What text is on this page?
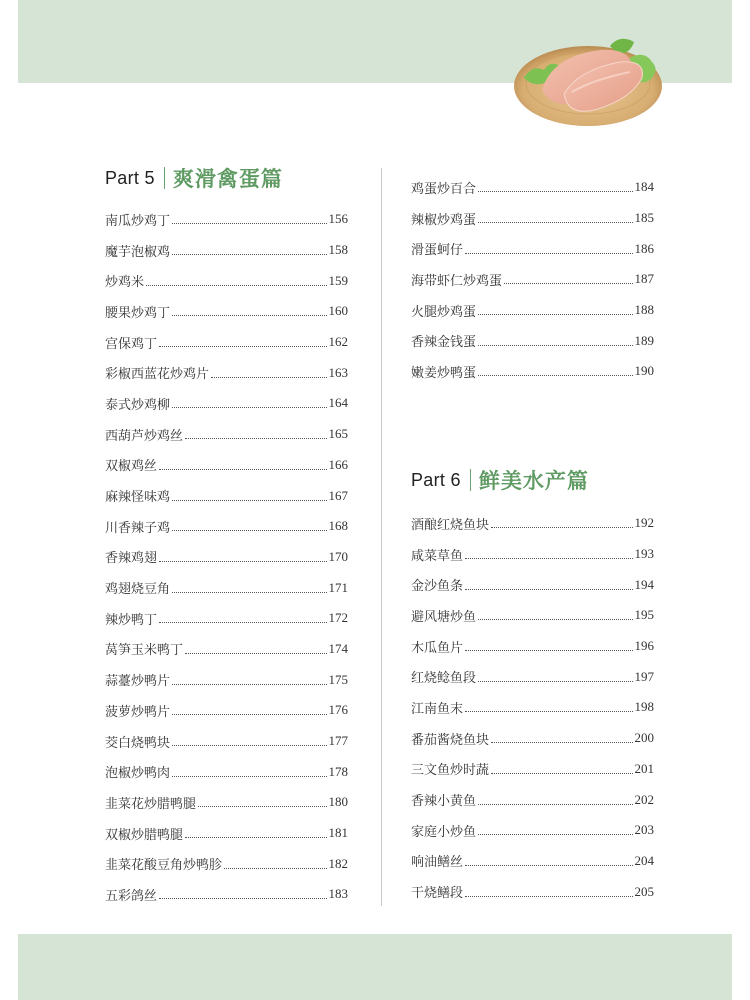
Part 5 爽滑禽蛋篇
南瓜炒鸡丁	156
魔芋泡椒鸡	158
炒鸡米	159
腰果炒鸡丁	160
宫保鸡丁	162
彩椒西蓝花炒鸡片	163
泰式炒鸡柳	164
西葫芦炒鸡丝	165
双椒鸡丝	166
麻辣怪味鸡	167
川香辣子鸡	168
香辣鸡翅	170
鸡翅烧豆角	171
辣炒鸭丁	172
莴笋玉米鸭丁	174
蒜薹炒鸭片	175
菠萝炒鸭片	176
茭白烧鸭块	177
泡椒炒鸭肉	178
韭菜花炒腊鸭腿	180
双椒炒腊鸭腿	181
韭菜花酸豆角炒鸭胗	182
五彩鸽丝	183
鸡蛋炒百合	184
辣椒炒鸡蛋	185
滑蛋蚵仔	186
海带虾仁炒鸡蛋	187
火腿炒鸡蛋	188
香辣金钱蛋	189
嫩姜炒鸭蛋	190
Part 6 鲜美水产篇
酒酿红烧鱼块	192
咸菜草鱼	193
金沙鱼条	194
避风塘炒鱼	195
木瓜鱼片	196
红烧鲶鱼段	197
江南鱼末	198
番茄酱烧鱼块	200
三文鱼炒时蔬	201
香辣小黄鱼	202
家庭小炒鱼	203
响油鳝丝	204
干烧鳝段	205
